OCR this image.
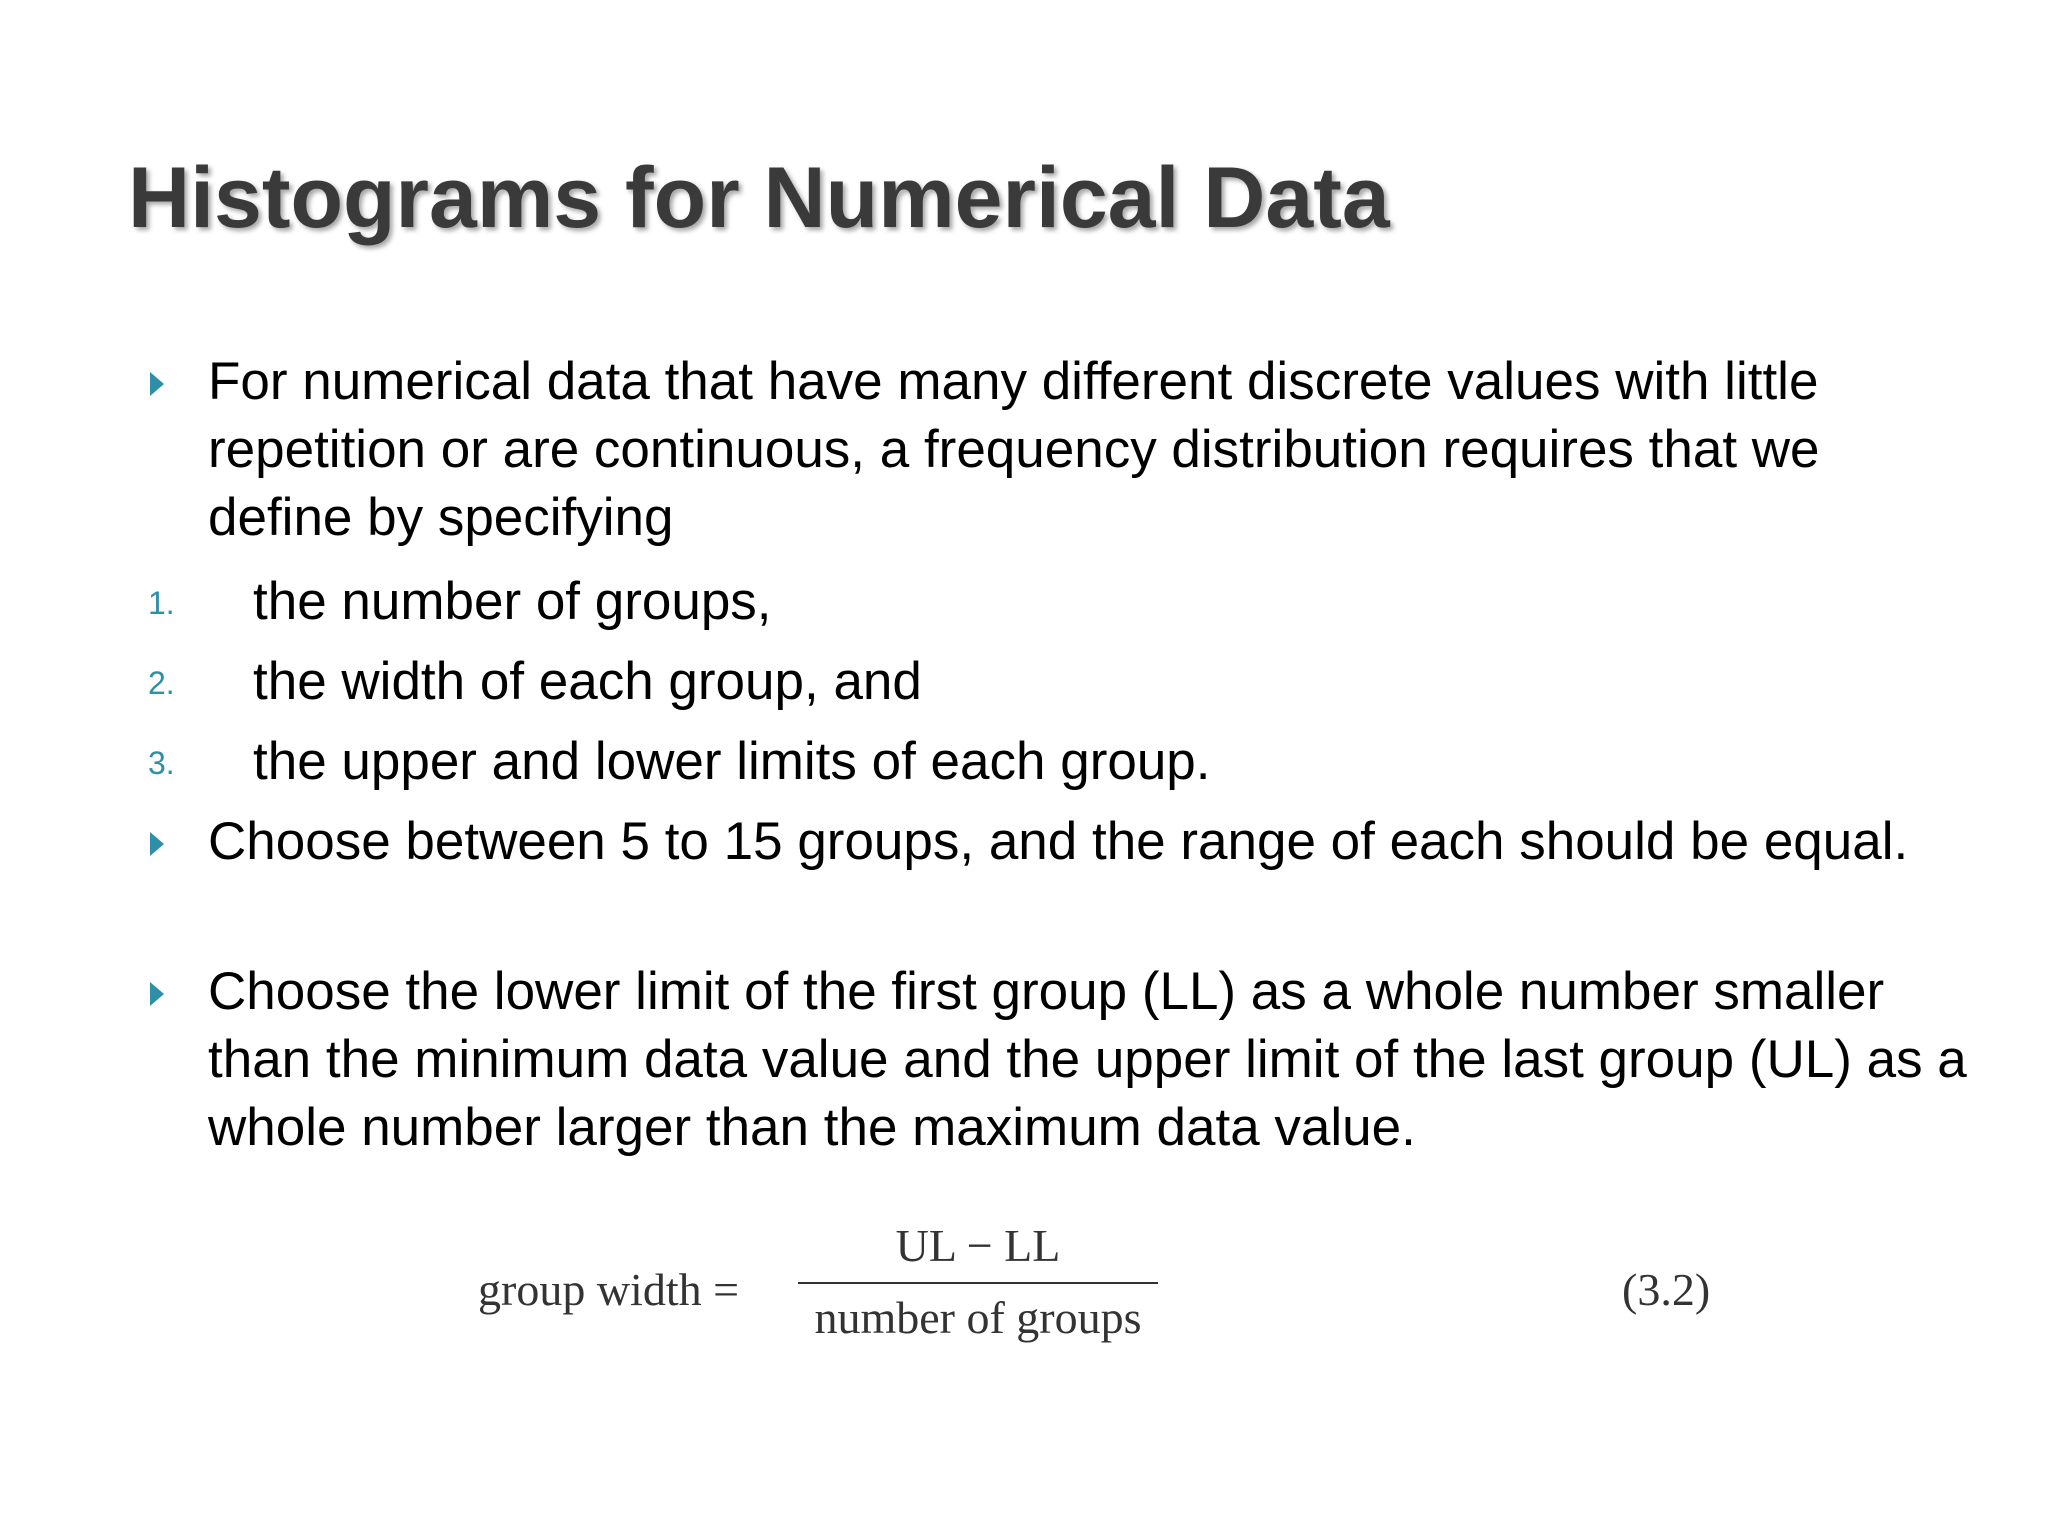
Histograms for Numerical Data
For numerical data that have many different discrete values with little repetition or are continuous, a frequency distribution requires that we define by specifying
1. the number of groups,
2. the width of each group, and
3. the upper and lower limits of each group.
Choose between 5 to 15 groups, and the range of each should be equal.
Choose the lower limit of the first group (LL) as a whole number smaller than the minimum data value and the upper limit of the last group (UL) as a whole number larger than the maximum data value.
group width =
UL − LL
number of groups
(3.2)
